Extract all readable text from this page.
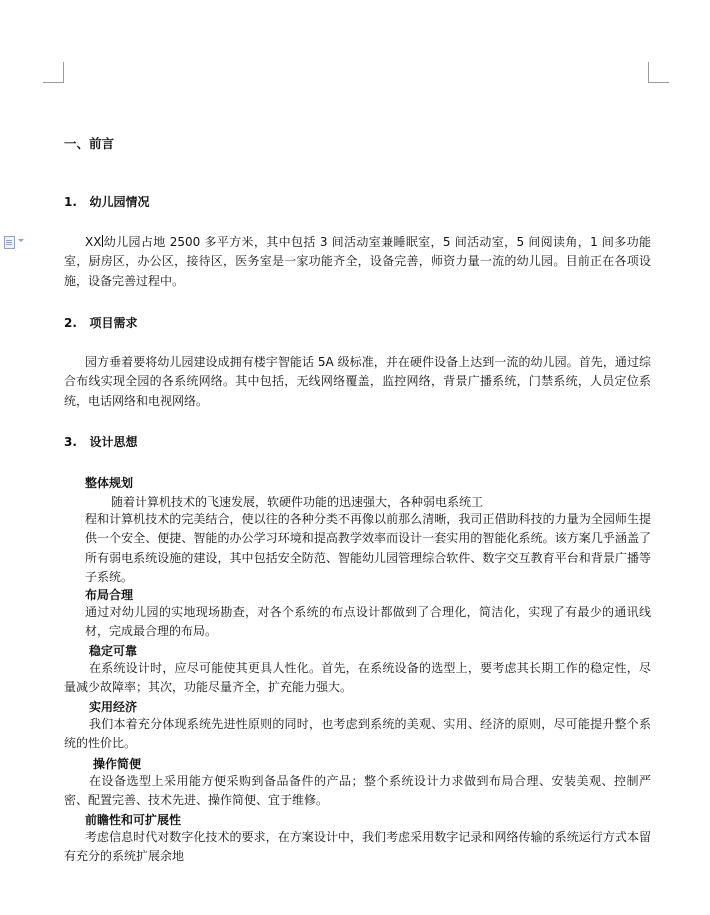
一、前言
1.   幼儿园情况
XX 幼儿园占地 2500 多平方米，其中包括 3 间活动室兼睡眠室，5 间活动室，5 间阅读角，1 间多功能室，厨房区，办公区，接待区，医务室是一家功能齐全，设备完善，师资力量一流的幼儿园。目前正在各项设施，设备完善过程中。
2.   项目需求
园方垂着要将幼儿园建设成拥有楼宇智能话 5A 级标准，并在硬件设备上达到一流的幼儿园。首先，通过综合布线实现全园的各系统网络。其中包括，无线网络覆盖，监控网络，背景广播系统，门禁系统，人员定位系统，电话网络和电视网络。
3.   设计思想
整体规划
随着计算机技术的飞速发展，软硬件功能的迅速强大，各种弱电系统工
程和计算机技术的完美结合，使以往的各种分类不再像以前那么清晰，我司正借助科技的力量为全园师生提供一个安全、便捷、智能的办公学习环境和提高教学效率而设计一套实用的智能化系统。该方案几乎涵盖了所有弱电系统设施的建设，其中包括安全防范、智能幼儿园管理综合软件、数字交互教育平台和背景广播等子系统。
布局合理
通过对幼儿园的实地现场勘查，对各个系统的布点设计都做到了合理化，简洁化，实现了有最少的通讯线材，完成最合理的布局。
稳定可靠
在系统设计时，应尽可能使其更具人性化。首先，在系统设备的选型上，要考虑其长期工作的稳定性，尽量减少故障率；其次，功能尽量齐全，扩充能力强大。
实用经济
我们本着充分体现系统先进性原则的同时，也考虑到系统的美观、实用、经济的原则，尽可能提升整个系统的性价比。
操作简便
在设备选型上采用能方便采购到备品备件的产品；整个系统设计力求做到布局合理、安装美观、控制严密、配置完善、技术先进、操作简便、宜于维修。
前瞻性和可扩展性
考虑信息时代对数字化技术的要求，在方案设计中，我们考虑采用数字记录和网络传输的系统运行方式本留有充分的系统扩展余地
